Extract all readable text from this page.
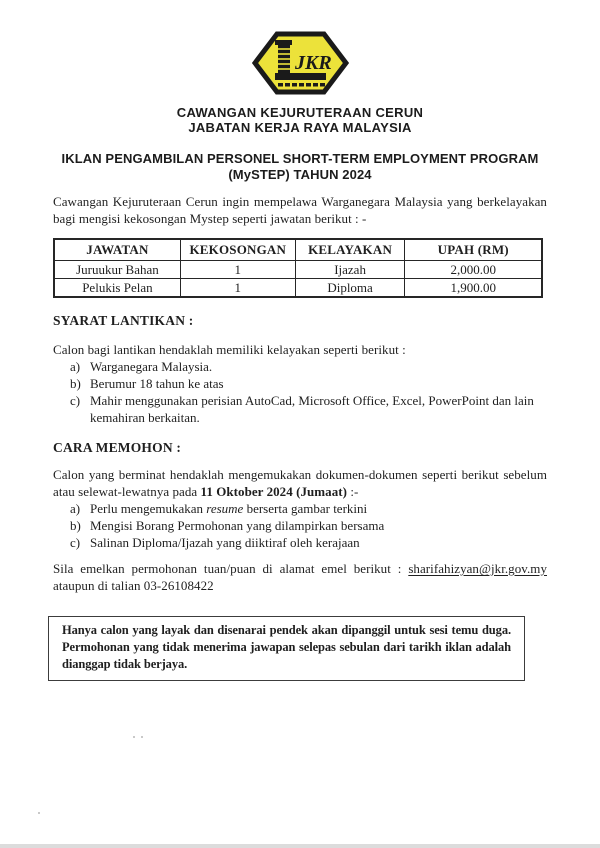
JKR
CAWANGAN KEJURUTERAAN CERUN
JABATAN KERJA RAYA MALAYSIA
IKLAN PENGAMBILAN PERSONEL SHORT-TERM EMPLOYMENT PROGRAM
(MySTEP) TAHUN 2024
Cawangan Kejuruteraan Cerun ingin mempelawa Warganegara Malaysia yang berkelayakan bagi mengisi kekosongan Mystep seperti jawatan berikut : -
JAWATAN	KEKOSONGAN	KELAYAKAN	UPAH (RM)
Juruukur Bahan	1	Ijazah	2,000.00
Pelukis Pelan	1	Diploma	1,900.00
SYARAT LANTIKAN :
Calon bagi lantikan hendaklah memiliki kelayakan seperti berikut :
a) Warganegara Malaysia.
b) Berumur 18 tahun ke atas
c) Mahir menggunakan perisian AutoCad, Microsoft Office, Excel, PowerPoint dan lain kemahiran berkaitan.
CARA MEMOHON :
Calon yang berminat hendaklah mengemukakan dokumen-dokumen seperti berikut sebelum atau selewat-lewatnya pada 11 Oktober 2024 (Jumaat) :-
a) Perlu mengemukakan resume berserta gambar terkini
b) Mengisi Borang Permohonan yang dilampirkan bersama
c) Salinan Diploma/Ijazah yang diiktiraf oleh kerajaan
Sila emelkan permohonan tuan/puan di alamat emel berikut : sharifahizyan@jkr.gov.my ataupun di talian 03-26108422
Hanya calon yang layak dan disenarai pendek akan dipanggil untuk sesi temu duga. Permohonan yang tidak menerima jawapan selepas sebulan dari tarikh iklan adalah dianggap tidak berjaya.
